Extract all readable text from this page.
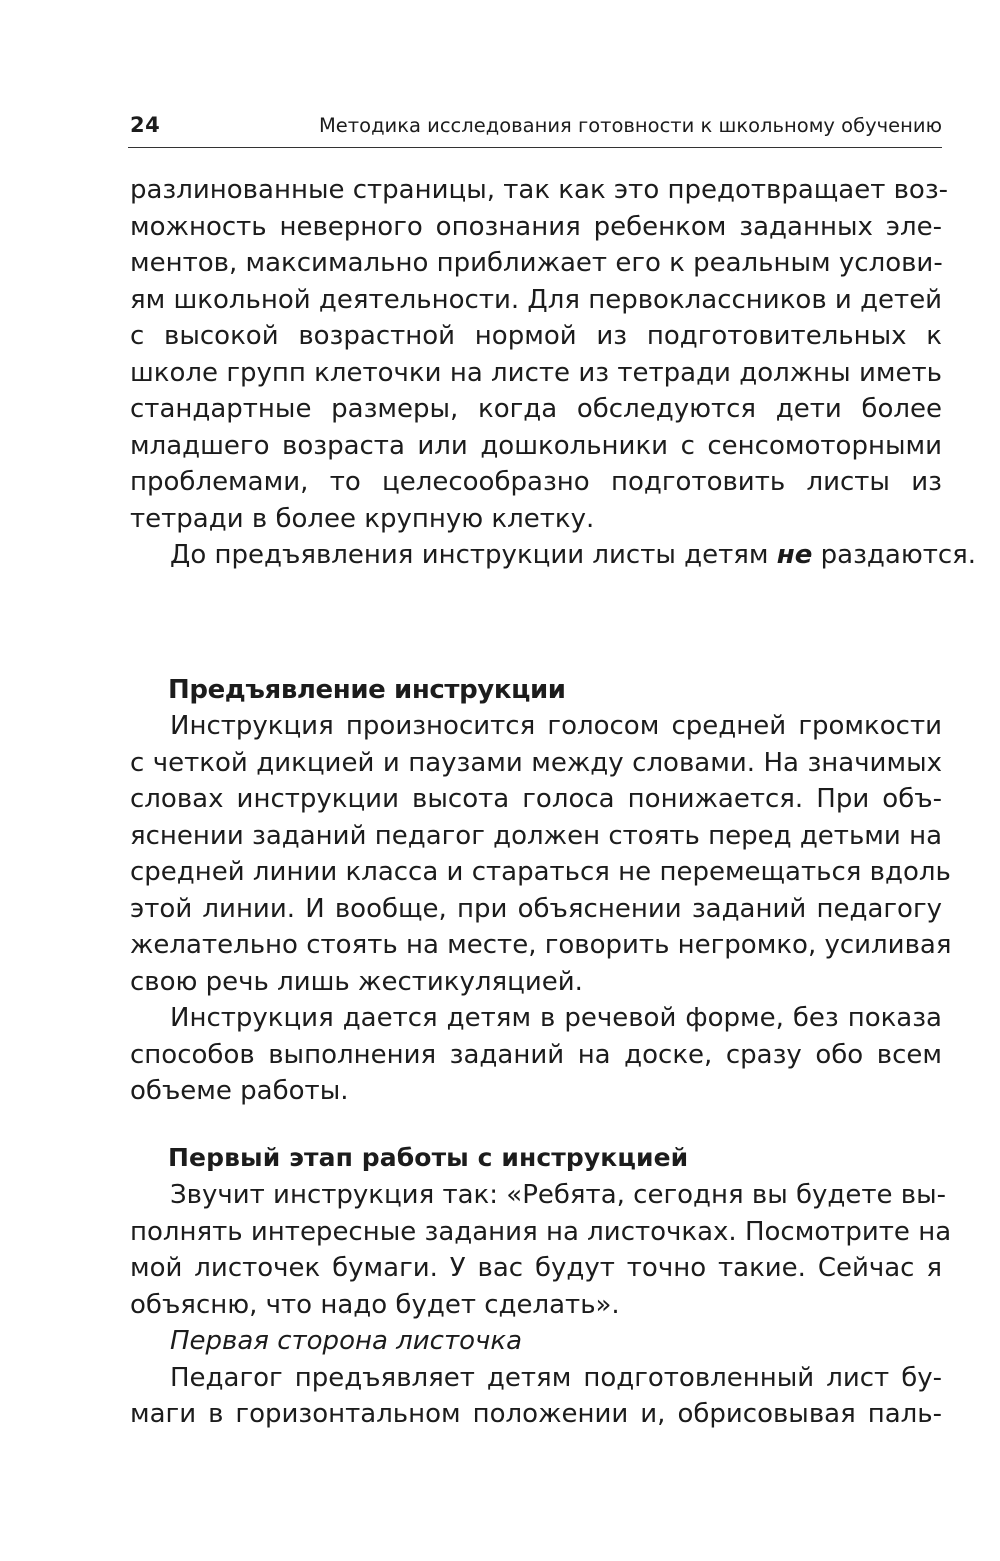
24	Методика исследования готовности к школьному обучению
разлинованные страницы, так как это предотвращает воз-
можность неверного опознания ребенком заданных эле-
ментов, максимально приближает его к реальным услови-
ям школьной деятельности. Для первоклассников и детей
с высокой возрастной нормой из подготовительных к
школе групп клеточки на листе из тетради должны иметь
стандартные размеры, когда обследуются дети более
младшего возраста или дошкольники с сенсомоторными
проблемами, то целесообразно подготовить листы из
тетради в более крупную клетку.
До предъявления инструкции листы детям не раздаются.
Предъявление инструкции
Инструкция произносится голосом средней громкости
с четкой дикцией и паузами между словами. На значимых
словах инструкции высота голоса понижается. При объ-
яснении заданий педагог должен стоять перед детьми на
средней линии класса и стараться не перемещаться вдоль
этой линии. И вообще, при объяснении заданий педагогу
желательно стоять на месте, говорить негромко, усиливая
свою речь лишь жестикуляцией.
Инструкция дается детям в речевой форме, без показа
способов выполнения заданий на доске, сразу обо всем
объеме работы.
Первый этап работы с инструкцией
Звучит инструкция так: «Ребята, сегодня вы будете вы-
полнять интересные задания на листочках. Посмотрите на
мой листочек бумаги. У вас будут точно такие. Сейчас я
объясню, что надо будет сделать».
Первая сторона листочка
Педагог предъявляет детям подготовленный лист бу-
маги в горизонтальном положении и, обрисовывая паль-
